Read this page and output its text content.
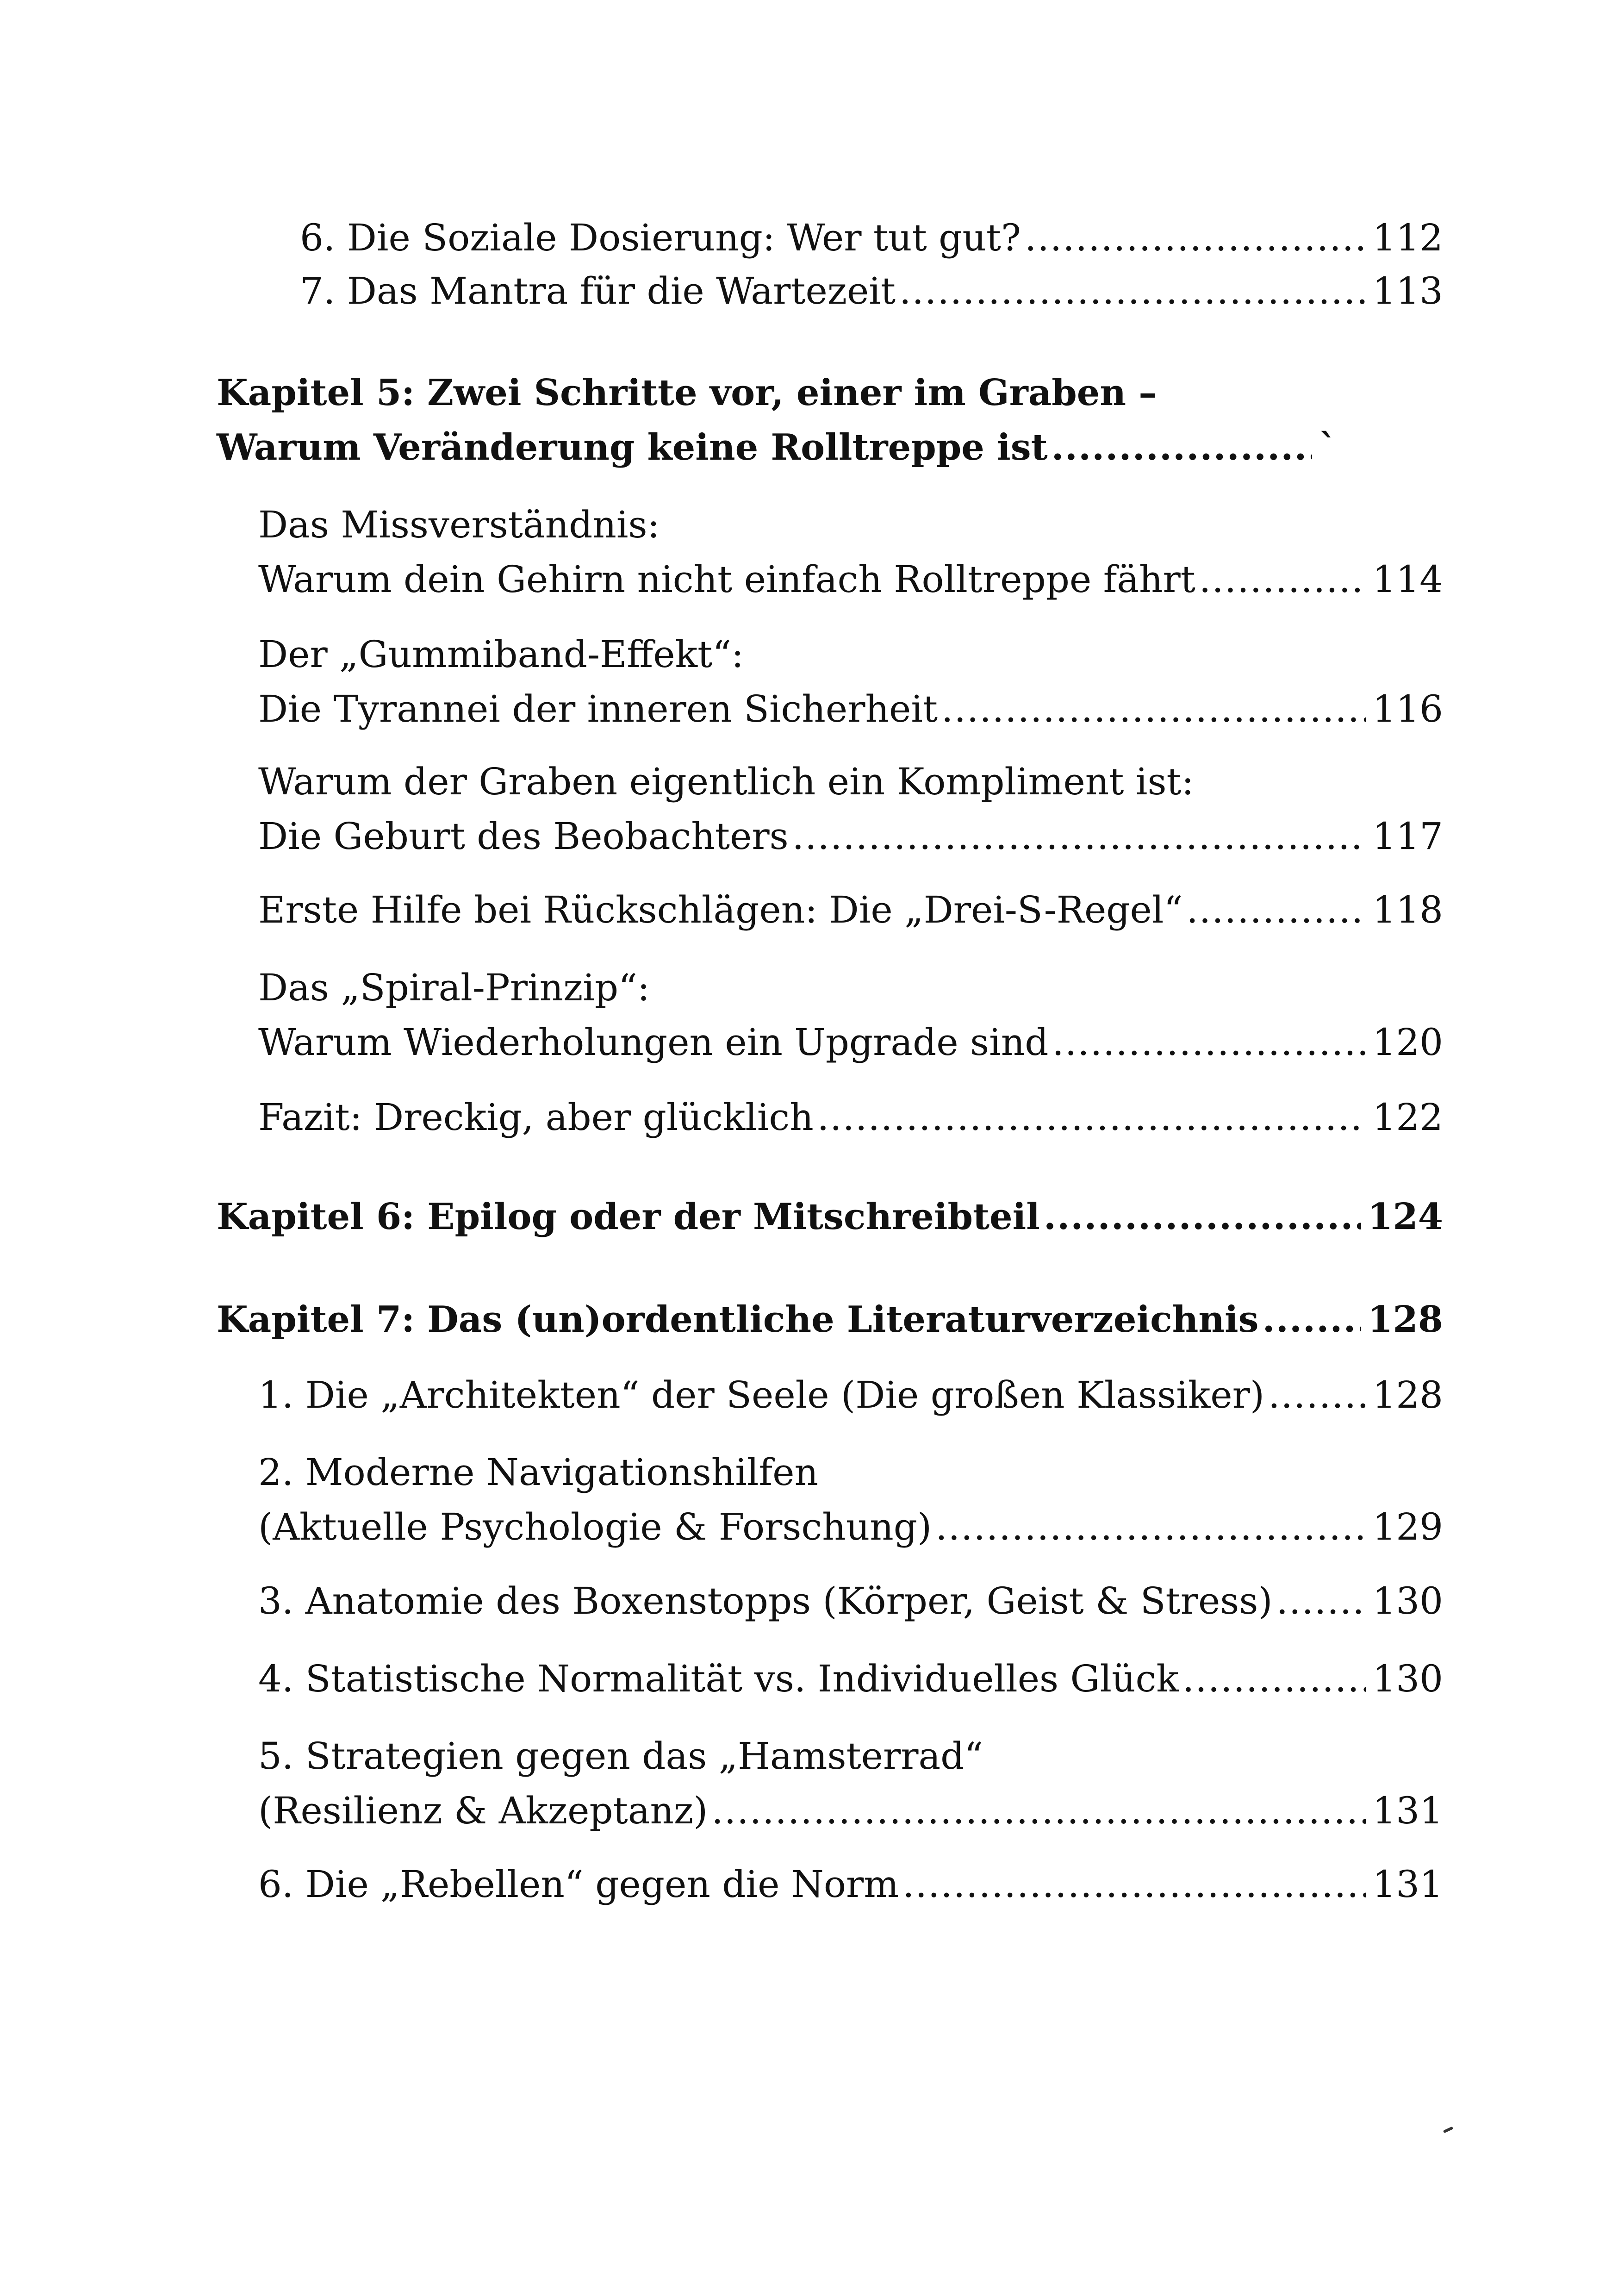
6. Die Soziale Dosierung: Wer tut gut? .....	112
7. Das Mantra für die Wartezeit .....	113
Kapitel 5: Zwei Schritte vor, einer im Graben –
Warum Veränderung keine Rolltreppe ist .....	`
Das Missverständnis:
Warum dein Gehirn nicht einfach Rolltreppe fährt .....	114
Der „Gummiband-Effekt“:
Die Tyrannei der inneren Sicherheit .....	116
Warum der Graben eigentlich ein Kompliment ist:
Die Geburt des Beobachters .....	117
Erste Hilfe bei Rückschlägen: Die „Drei-S-Regel“ .....	118
Das „Spiral-Prinzip“:
Warum Wiederholungen ein Upgrade sind .....	120
Fazit: Dreckig, aber glücklich .....	122
Kapitel 6: Epilog oder der Mitschreibteil .....	124
Kapitel 7: Das (un)ordentliche Literaturverzeichnis .....	128
1. Die „Architekten“ der Seele (Die großen Klassiker) .....	128
2. Moderne Navigationshilfen
(Aktuelle Psychologie & Forschung) .....	129
3. Anatomie des Boxenstopps (Körper, Geist & Stress) .....	130
4. Statistische Normalität vs. Individuelles Glück .....	130
5. Strategien gegen das „Hamsterrad“
(Resilienz & Akzeptanz) .....	131
6. Die „Rebellen“ gegen die Norm .....	131
